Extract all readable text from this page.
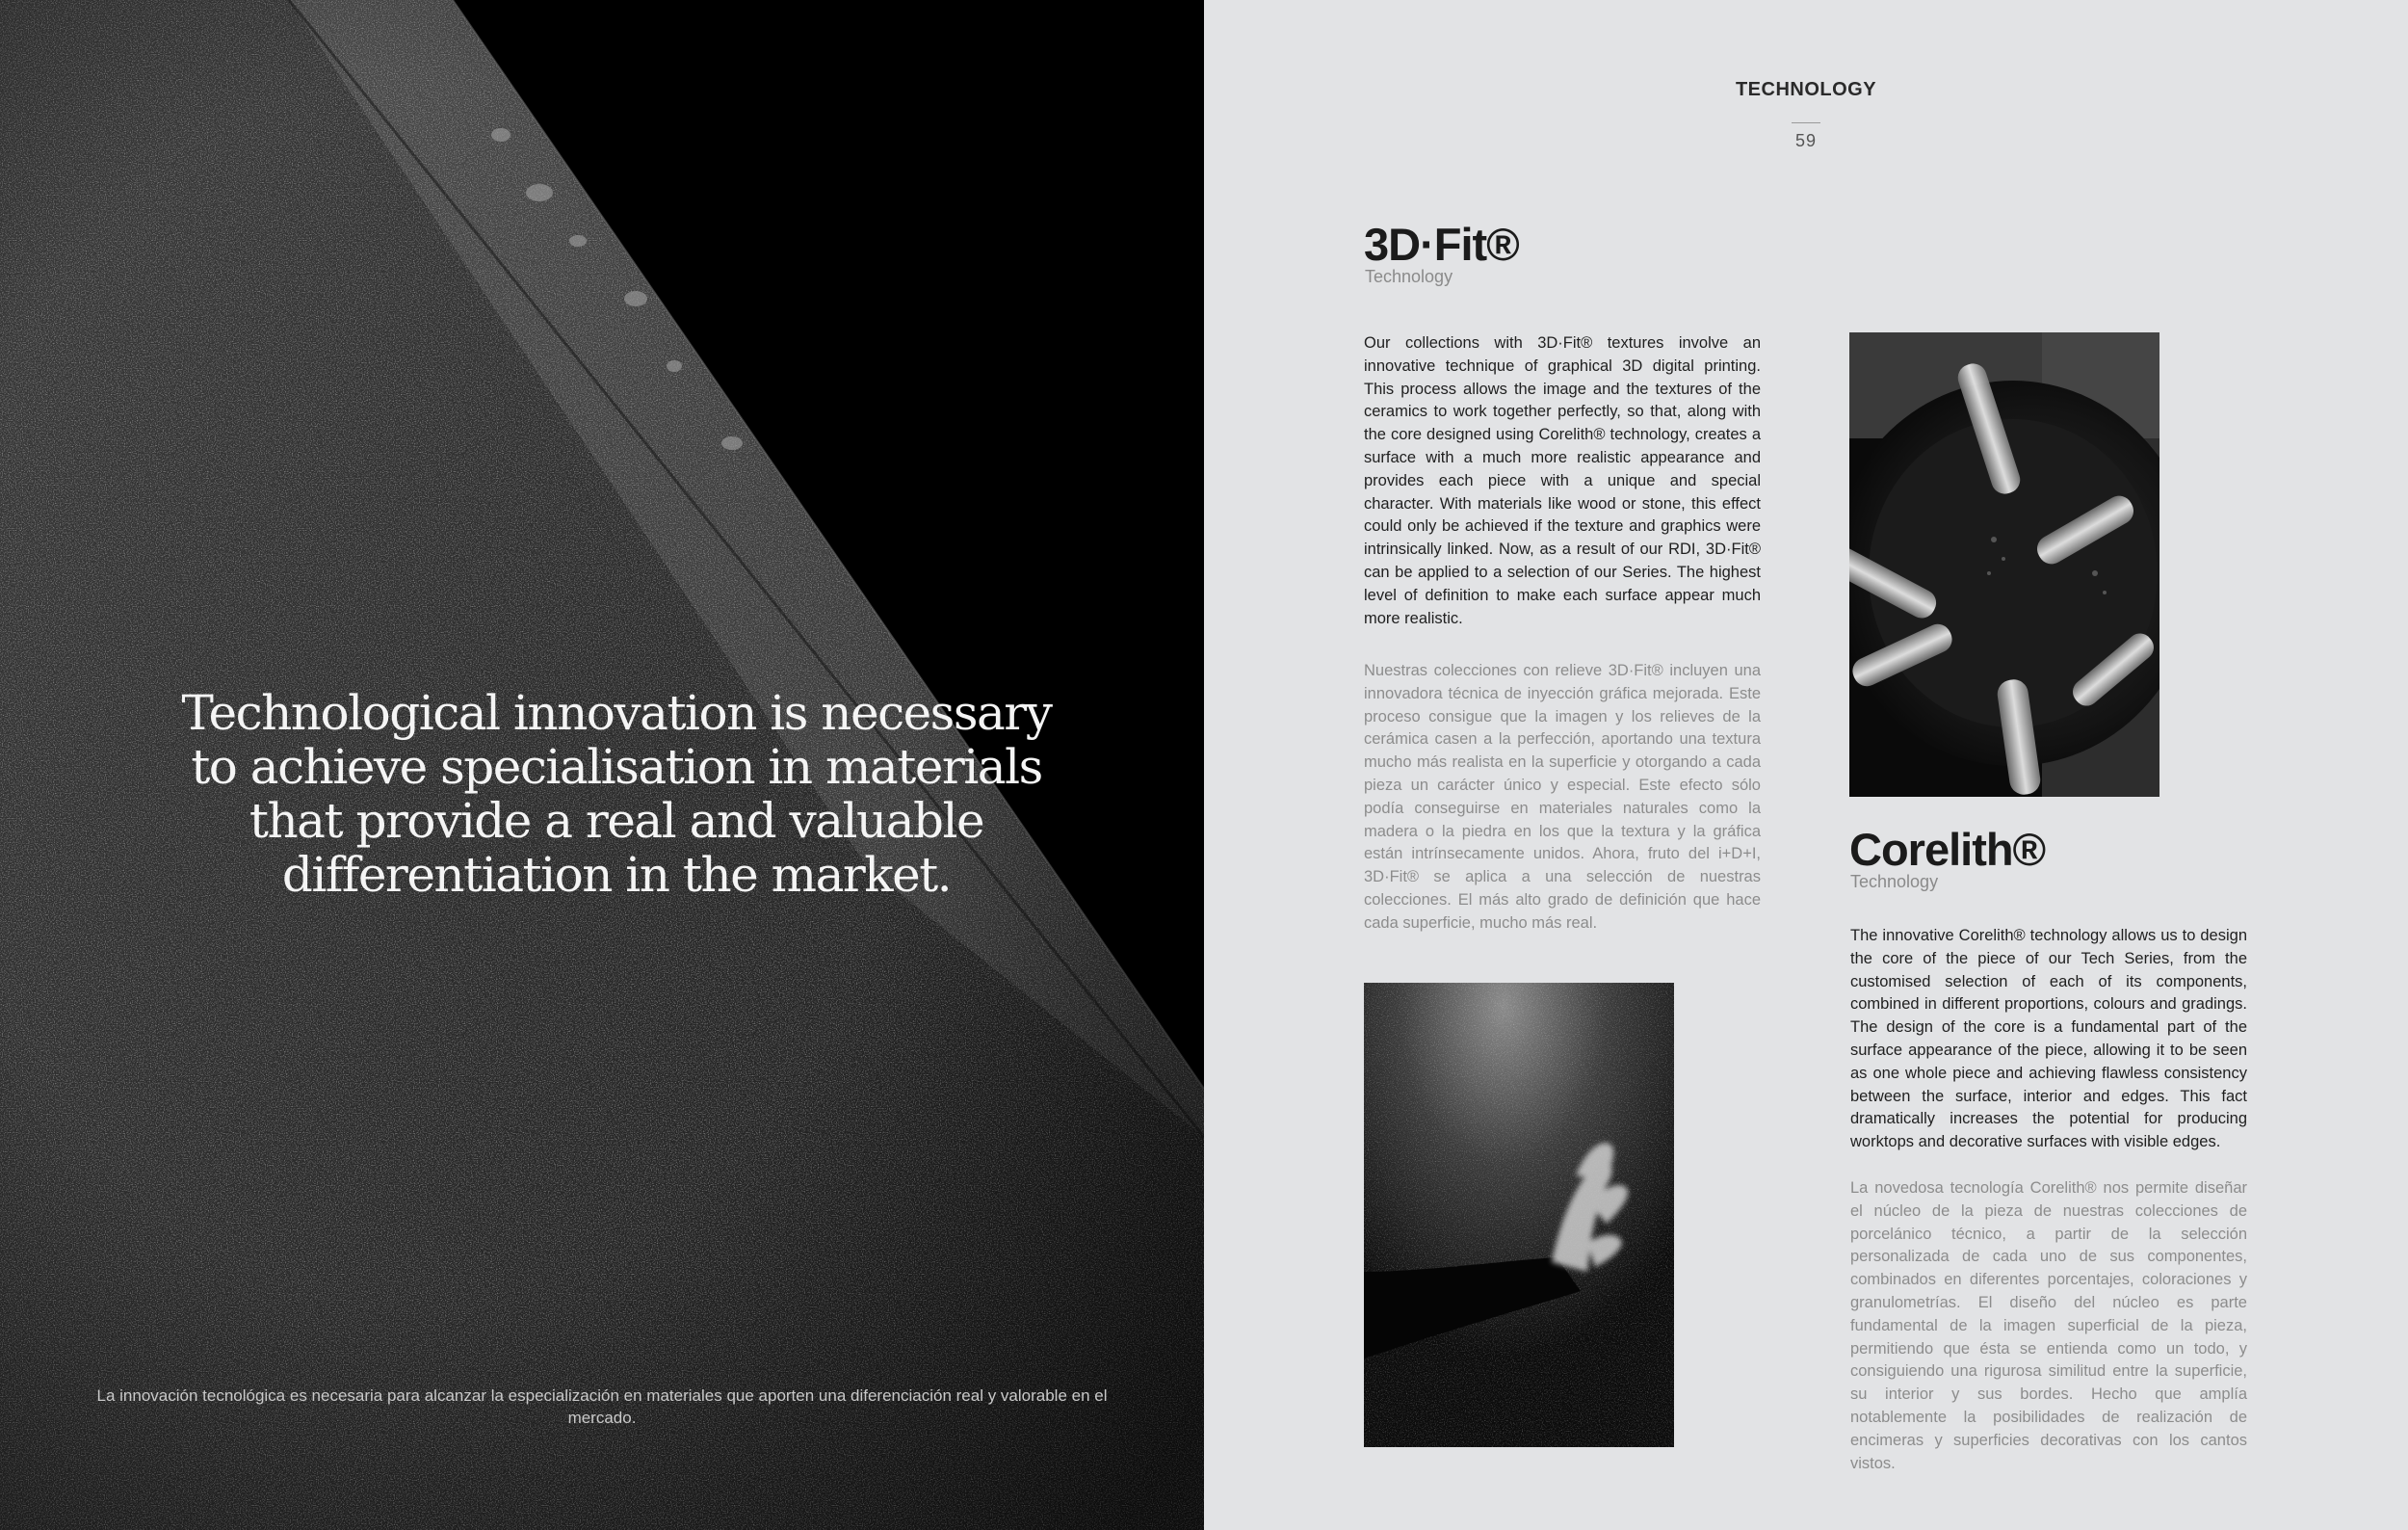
Technological innovation is necessary to achieve specialisation in materials that provide a real and valuable differentiation in the market.
La innovación tecnológica es necesaria para alcanzar la especialización en materiales que aporten una diferenciación real y valorable en el mercado.
TECHNOLOGY
59
3D·Fit®
Technology

Our collections with 3D·Fit® textures involve an innovative technique of graphical 3D digital printing. This process allows the image and the textures of the ceramics to work together perfectly, so that, along with the core designed using Corelith® technology, creates a surface with a much more realistic appearance and provides each piece with a unique and special character. With materials like wood or stone, this effect could only be achieved if the texture and graphics were intrinsically linked. Now, as a result of our RDI, 3D·Fit® can be applied to a selection of our Series. The highest level of definition to make each surface appear much more realistic.

Nuestras colecciones con relieve 3D·Fit® incluyen una innovadora técnica de inyección gráfica mejorada. Este proceso consigue que la imagen y los relieves de la cerámica casen a la perfección, aportando una textura mucho más realista en la superficie y otorgando a cada pieza un carácter único y especial. Este efecto sólo podía conseguirse en materiales naturales como la madera o la piedra en los que la textura y la gráfica están intrínsecamente unidos. Ahora, fruto del i+D+I, 3D·Fit® se aplica a una selección de nuestras colecciones. El más alto grado de definición que hace cada superficie, mucho más real.

Corelith®
Technology

The innovative Corelith® technology allows us to design the core of the piece of our Tech Series, from the customised selection of each of its components, combined in different proportions, colours and gradings. The design of the core is a fundamental part of the surface appearance of the piece, allowing it to be seen as one whole piece and achieving flawless consistency between the surface, interior and edges. This fact dramatically increases the potential for producing worktops and decorative surfaces with visible edges.

La novedosa tecnología Corelith® nos permite diseñar el núcleo de la pieza de nuestras colecciones de porcelánico técnico, a partir de la selección personalizada de cada uno de sus componentes, combinados en diferentes porcentajes, coloraciones y granulometrías. El diseño del núcleo es parte fundamental de la imagen superficial de la pieza, permitiendo que ésta se entienda como un todo, y consiguiendo una rigurosa similitud entre la superficie, su interior y sus bordes. Hecho que amplía notablemente la posibilidades de realización de encimeras y superficies decorativas con los cantos vistos.
